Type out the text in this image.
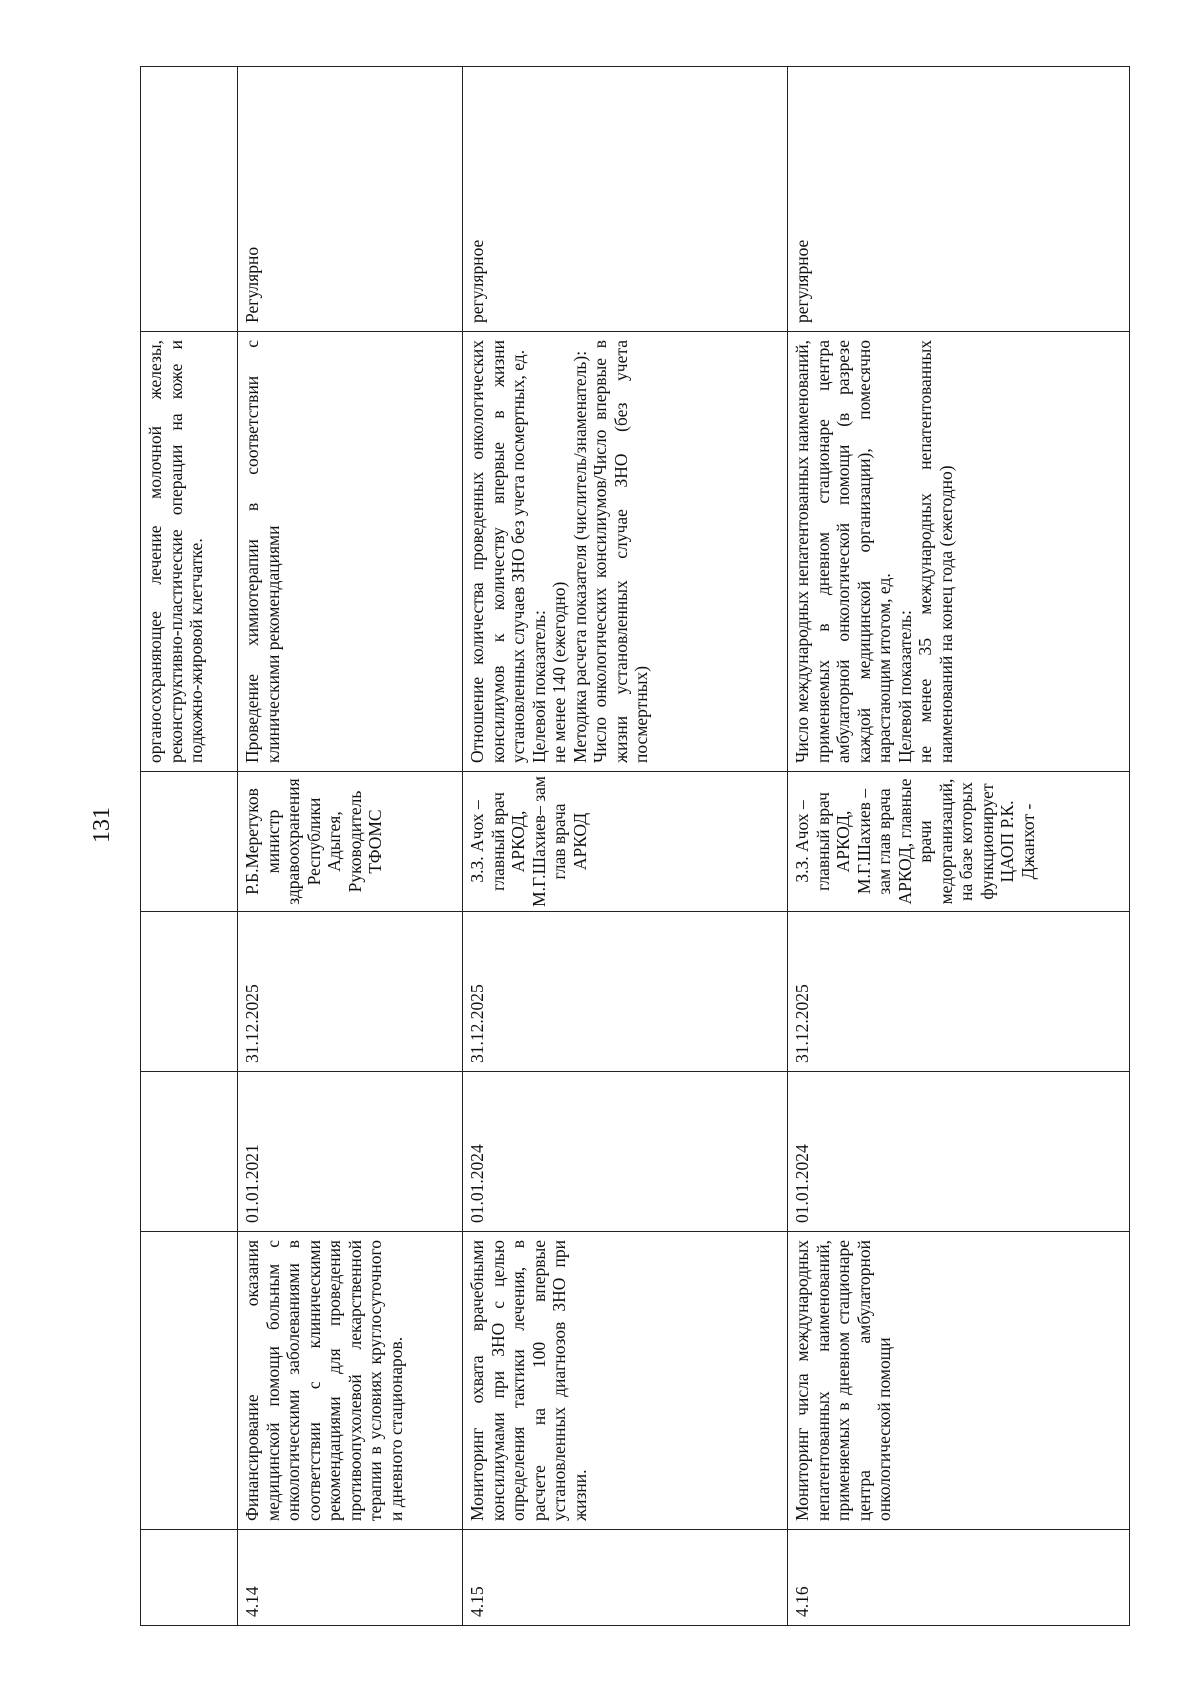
131
органосохраняющее лечение молочной железы, реконструктивно-пластические операции на коже и подкожно-жировой клетчатке.
4.14
Финансирование оказания медицинской помощи больным с онкологическими заболеваниями в соответствии с клиническими рекомендациями для проведения противоопухолевой лекарственной терапии в условиях круглосуточного и дневного стационаров.
01.01.2021
31.12.2025
Р.Б.Меретуков министр здравоохранения Республики Адыгея, Руководитель ТФОМС
Проведение химиотерапии в соответствии с клиническими рекомендациями
Регулярно
4.15
Мониторинг охвата врачебными консилиумами при ЗНО с целью определения тактики лечения, в расчете на 100 впервые установленных диагнозов ЗНО при жизни.
01.01.2024
31.12.2025
З.З. Ачох – главный врач АРКОД, М.Г.Шахиев– зам глав врача АРКОД
Отношение количества проведенных онкологических консилиумов к количеству впервые в жизни установленных случаев ЗНО без учета посмертных, ед.
Целевой показатель:
не менее 140 (ежегодно)
Методика расчета показателя (числитель/знаменатель):
Число онкологических консилиумов/Число впервые в жизни установленных случае ЗНО (без учета посмертных)
регулярное
4.16
Мониторинг числа международных непатентованных наименований, применяемых в дневном стационаре центра амбулаторной онкологической помощи
01.01.2024
31.12.2025
З.З. Ачох – главный врач АРКОД, М.Г.Шахиев – зам глав врача АРКОД, главные врачи медорганизаций, на базе которых функционирует ЦАОП Р.К. Джанхот -
Число международных непатентованных наименований, применяемых в дневном стационаре центра амбулаторной онкологической помощи (в разрезе каждой медицинской организации), помесячно нарастающим итогом, ед.
Целевой показатель:
не менее 35 международных непатентованных наименований на конец года (ежегодно)
регулярное
